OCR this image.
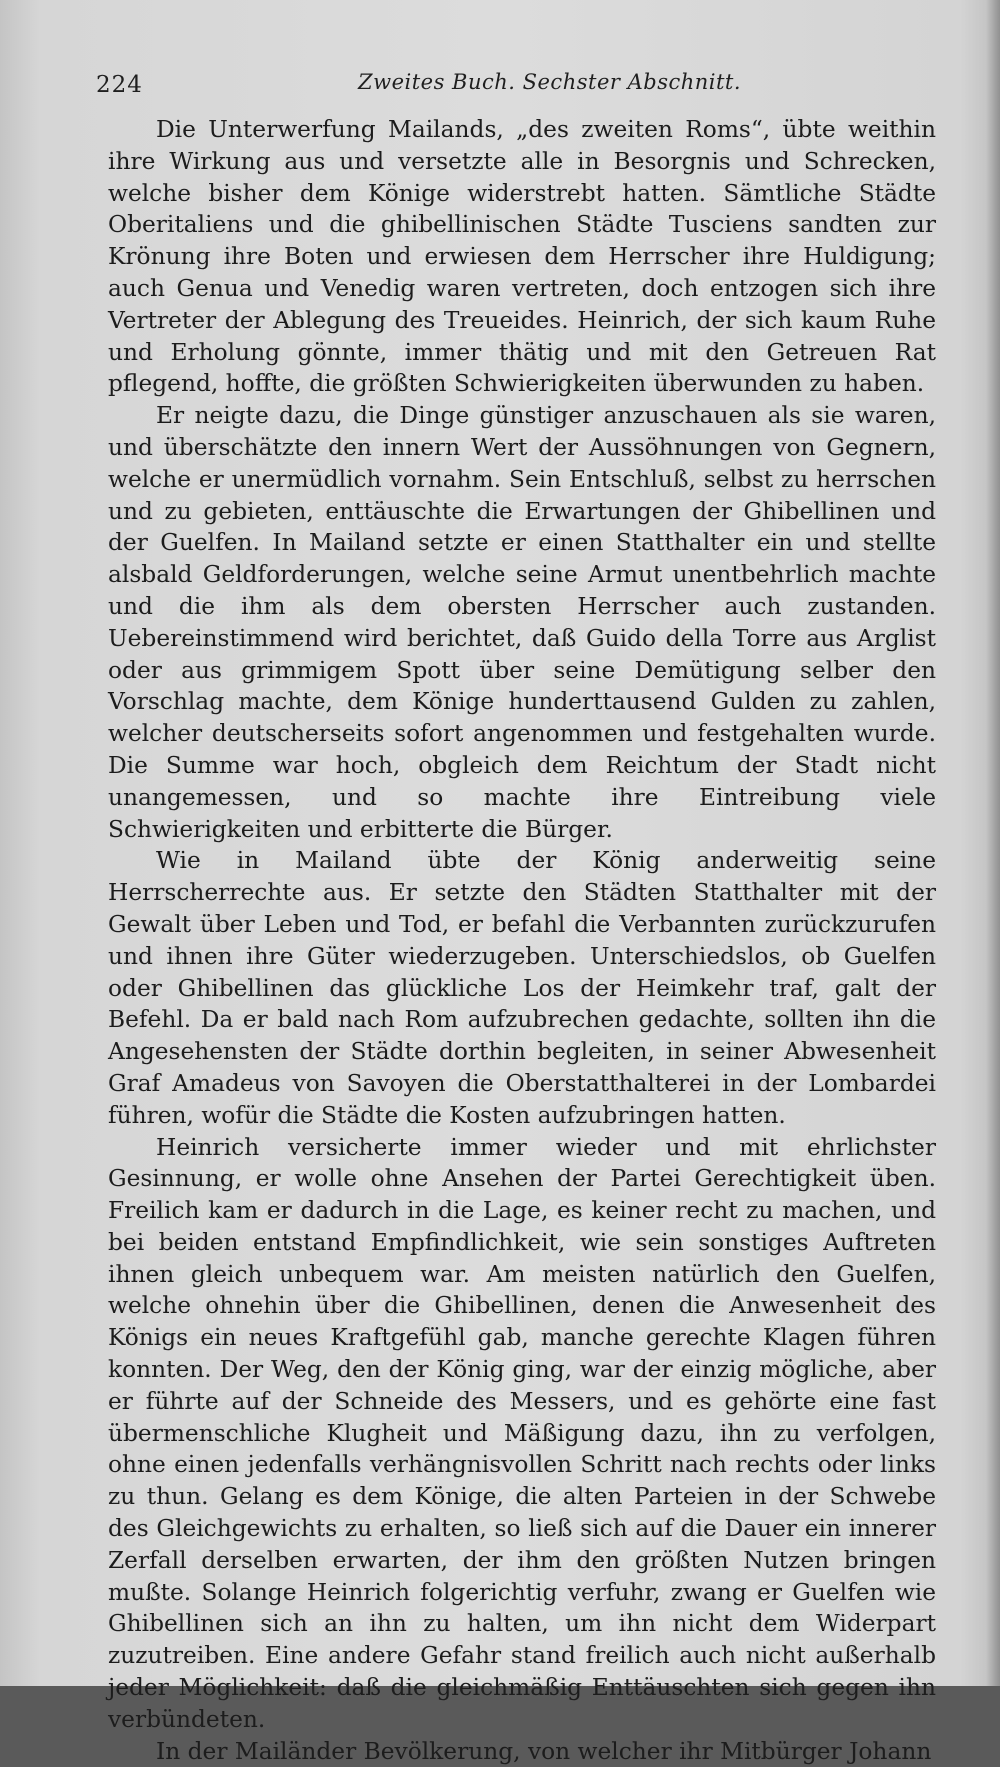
224	Zweites Buch. Sechster Abschnitt.

Die Unterwerfung Mailands, „des zweiten Roms“, übte weithin ihre Wirkung aus und versetzte alle in Besorgnis und Schrecken, welche bisher dem Könige widerstrebt hatten. Sämtliche Städte Oberitaliens und die ghibellinischen Städte Tusciens sandten zur Krönung ihre Boten und erwiesen dem Herrscher ihre Huldigung; auch Genua und Venedig waren vertreten, doch entzogen sich ihre Vertreter der Ablegung des Treueides. Heinrich, der sich kaum Ruhe und Erholung gönnte, immer thätig und mit den Getreuen Rat pflegend, hoffte, die größten Schwierigkeiten überwunden zu haben.

Er neigte dazu, die Dinge günstiger anzuschauen als sie waren, und überschätzte den innern Wert der Aussöhnungen von Gegnern, welche er unermüdlich vornahm. Sein Entschluß, selbst zu herrschen und zu gebieten, enttäuschte die Erwartungen der Ghibellinen und der Guelfen. In Mailand setzte er einen Statthalter ein und stellte alsbald Geldforderungen, welche seine Armut unentbehrlich machte und die ihm als dem obersten Herrscher auch zustanden. Uebereinstimmend wird berichtet, daß Guido della Torre aus Arglist oder aus grimmigem Spott über seine Demütigung selber den Vorschlag machte, dem Könige hunderttausend Gulden zu zahlen, welcher deutscherseits sofort angenommen und festgehalten wurde. Die Summe war hoch, obgleich dem Reichtum der Stadt nicht unangemessen, und so machte ihre Eintreibung viele Schwierigkeiten und erbitterte die Bürger.

Wie in Mailand übte der König anderweitig seine Herrscherrechte aus. Er setzte den Städten Statthalter mit der Gewalt über Leben und Tod, er befahl die Verbannten zurückzurufen und ihnen ihre Güter wiederzugeben. Unterschiedslos, ob Guelfen oder Ghibellinen das glückliche Los der Heimkehr traf, galt der Befehl. Da er bald nach Rom aufzubrechen gedachte, sollten ihn die Angesehensten der Städte dorthin begleiten, in seiner Abwesenheit Graf Amadeus von Savoyen die Oberstatthalterei in der Lombardei führen, wofür die Städte die Kosten aufzubringen hatten.

Heinrich versicherte immer wieder und mit ehrlichster Gesinnung, er wolle ohne Ansehen der Partei Gerechtigkeit üben. Freilich kam er dadurch in die Lage, es keiner recht zu machen, und bei beiden entstand Empfindlichkeit, wie sein sonstiges Auftreten ihnen gleich unbequem war. Am meisten natürlich den Guelfen, welche ohnehin über die Ghibellinen, denen die Anwesenheit des Königs ein neues Kraftgefühl gab, manche gerechte Klagen führen konnten. Der Weg, den der König ging, war der einzig mögliche, aber er führte auf der Schneide des Messers, und es gehörte eine fast übermenschliche Klugheit und Mäßigung dazu, ihn zu verfolgen, ohne einen jedenfalls verhängnisvollen Schritt nach rechts oder links zu thun. Gelang es dem Könige, die alten Parteien in der Schwebe des Gleichgewichts zu erhalten, so ließ sich auf die Dauer ein innerer Zerfall derselben erwarten, der ihm den größten Nutzen bringen mußte. Solange Heinrich folgerichtig verfuhr, zwang er Guelfen wie Ghibellinen sich an ihn zu halten, um ihn nicht dem Widerpart zuzutreiben. Eine andere Gefahr stand freilich auch nicht außerhalb jeder Möglichkeit: daß die gleichmäßig Enttäuschten sich gegen ihn verbündeten.

In der Mailänder Bevölkerung, von welcher ihr Mitbürger Johann
